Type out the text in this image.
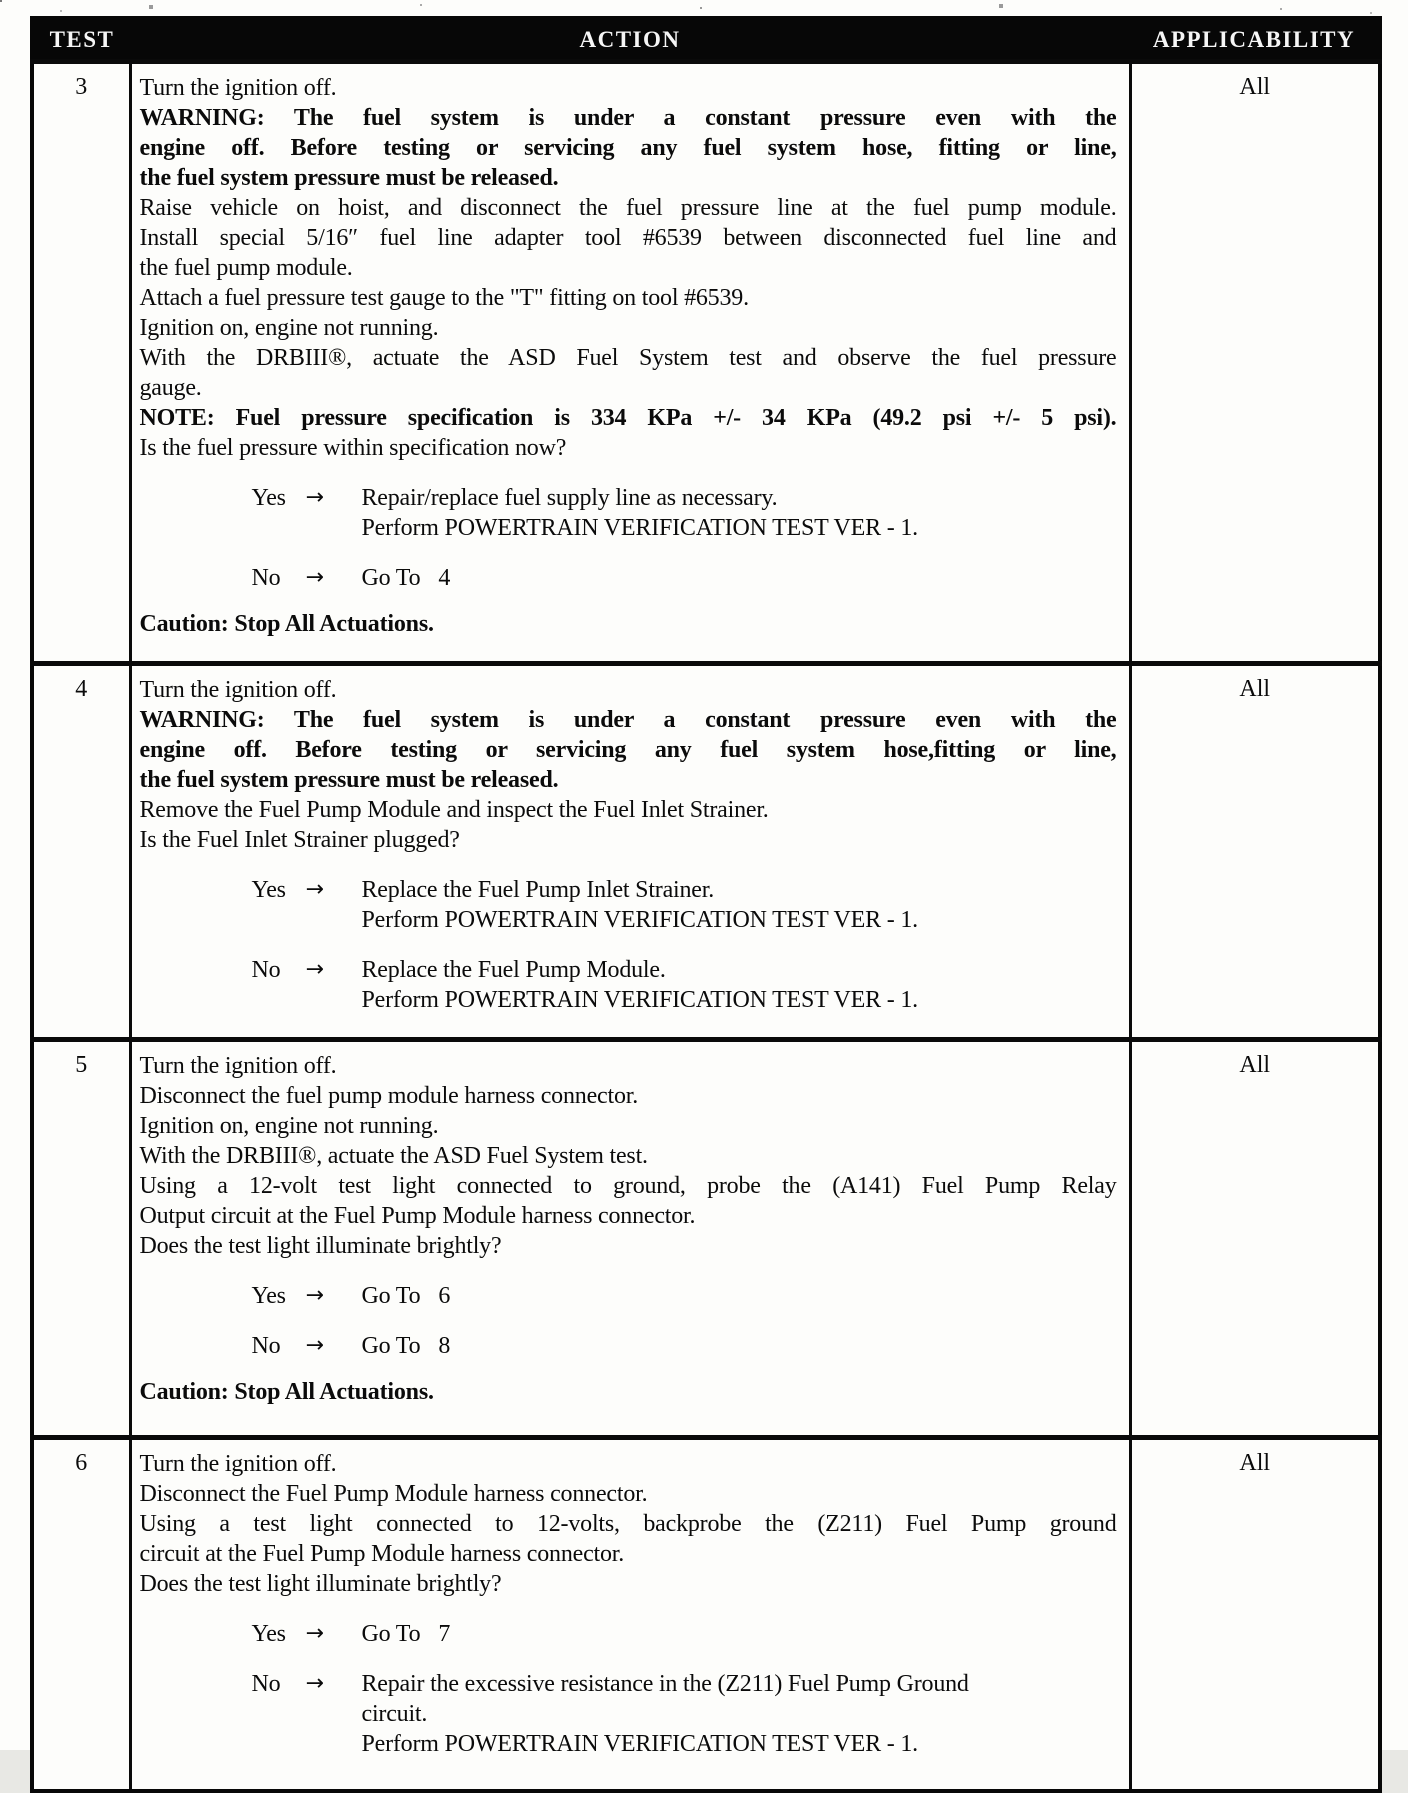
TEST	ACTION	APPLICABILITY
3	Turn the ignition off.
WARNING: The fuel system is under a constant pressure even with the
engine off. Before testing or servicing any fuel system hose, fitting or line,
the fuel system pressure must be released.
Raise vehicle on hoist, and disconnect the fuel pressure line at the fuel pump module.
Install special 5/16″ fuel line adapter tool #6539 between disconnected fuel line and
the fuel pump module.
Attach a fuel pressure test gauge to the "T" fitting on tool #6539.
Ignition on, engine not running.
With the DRBIII®, actuate the ASD Fuel System test and observe the fuel pressure
gauge.
NOTE: Fuel pressure specification is 334 KPa +/- 34 KPa (49.2 psi +/- 5 psi).
Is the fuel pressure within specification now?
Yes →	Repair/replace fuel supply line as necessary.
Perform POWERTRAIN VERIFICATION TEST VER - 1.
No	→	Go To 4
Caution: Stop All Actuations.
	All
4	Turn the ignition off.
WARNING: The fuel system is under a constant pressure even with the
engine off. Before testing or servicing any fuel system hose,fitting or line,
the fuel system pressure must be released.
Remove the Fuel Pump Module and inspect the Fuel Inlet Strainer.
Is the Fuel Inlet Strainer plugged?
Yes →	Replace the Fuel Pump Inlet Strainer.
Perform POWERTRAIN VERIFICATION TEST VER - 1.
No	→	Replace the Fuel Pump Module.
Perform POWERTRAIN VERIFICATION TEST VER - 1.
	All
5	Turn the ignition off.
Disconnect the fuel pump module harness connector.
Ignition on, engine not running.
With the DRBIII®, actuate the ASD Fuel System test.
Using a 12-volt test light connected to ground, probe the (A141) Fuel Pump Relay
Output circuit at the Fuel Pump Module harness connector.
Does the test light illuminate brightly?
Yes →	Go To 6
No	→	Go To 8
Caution: Stop All Actuations.
	All
6	Turn the ignition off.
Disconnect the Fuel Pump Module harness connector.
Using a test light connected to 12-volts, backprobe the (Z211) Fuel Pump ground
circuit at the Fuel Pump Module harness connector.
Does the test light illuminate brightly?
Yes →	Go To 7
No	→	Repair the excessive resistance in the (Z211) Fuel Pump Ground
circuit.
Perform POWERTRAIN VERIFICATION TEST VER - 1.
	All
